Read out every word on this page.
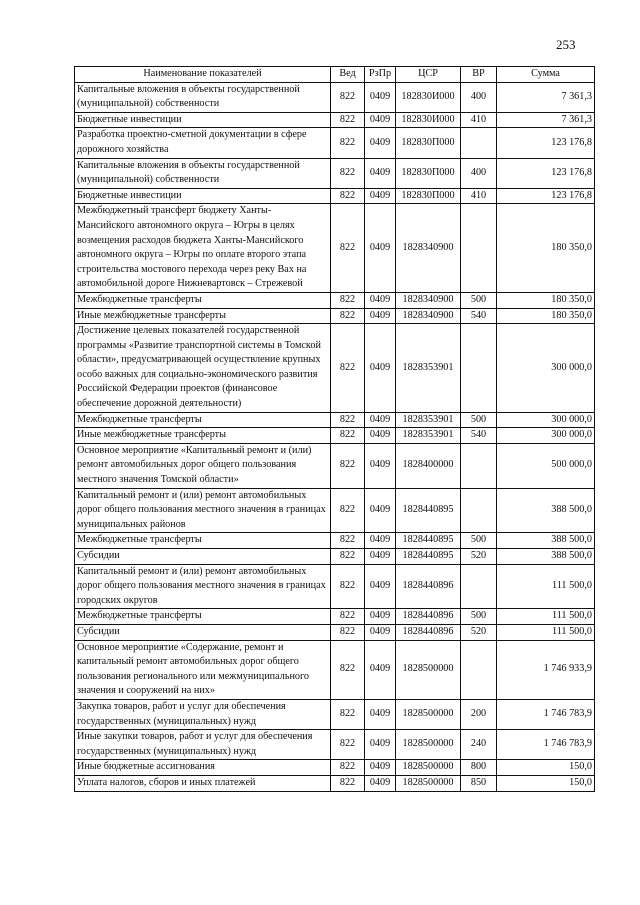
253
Наименование показателей	Вед	РзПр	ЦСР	ВР	Сумма
Капитальные вложения в объекты государственной (муниципальной) собственности	822	0409	182830И000	400	7 361,3
Бюджетные инвестиции	822	0409	182830И000	410	7 361,3
Разработка проектно-сметной документации в сфере дорожного хозяйства	822	0409	182830П000		123 176,8
Капитальные вложения в объекты государственной (муниципальной) собственности	822	0409	182830П000	400	123 176,8
Бюджетные инвестиции	822	0409	182830П000	410	123 176,8
Межбюджетный трансферт бюджету Ханты-Мансийского автономного округа – Югры в целях возмещения расходов бюджета Ханты-Мансийского автономного округа – Югры по оплате второго этапа строительства мостового перехода через реку Вах на автомобильной дороге Нижневартовск – Стрежевой	822	0409	1828340900		180 350,0
Межбюджетные трансферты	822	0409	1828340900	500	180 350,0
Иные межбюджетные трансферты	822	0409	1828340900	540	180 350,0
Достижение целевых показателей государственной программы «Развитие транспортной системы в Томской области», предусматривающей осуществление крупных особо важных для социально-экономического развития Российской Федерации проектов (финансовое обеспечение дорожной деятельности)	822	0409	1828353901		300 000,0
Межбюджетные трансферты	822	0409	1828353901	500	300 000,0
Иные межбюджетные трансферты	822	0409	1828353901	540	300 000,0
Основное мероприятие «Капитальный ремонт и (или) ремонт автомобильных дорог общего пользования местного значения Томской области»	822	0409	1828400000		500 000,0
Капитальный ремонт и (или) ремонт автомобильных дорог общего пользования местного значения в границах муниципальных районов	822	0409	1828440895		388 500,0
Межбюджетные трансферты	822	0409	1828440895	500	388 500,0
Субсидии	822	0409	1828440895	520	388 500,0
Капитальный ремонт и (или) ремонт автомобильных дорог общего пользования местного значения в границах городских округов	822	0409	1828440896		111 500,0
Межбюджетные трансферты	822	0409	1828440896	500	111 500,0
Субсидии	822	0409	1828440896	520	111 500,0
Основное мероприятие «Содержание, ремонт и капитальный ремонт автомобильных дорог общего пользования регионального или межмуниципального значения и сооружений на них»	822	0409	1828500000		1 746 933,9
Закупка товаров, работ и услуг для обеспечения государственных (муниципальных) нужд	822	0409	1828500000	200	1 746 783,9
Иные закупки товаров, работ и услуг для обеспечения государственных (муниципальных) нужд	822	0409	1828500000	240	1 746 783,9
Иные бюджетные ассигнования	822	0409	1828500000	800	150,0
Уплата налогов, сборов и иных платежей	822	0409	1828500000	850	150,0
